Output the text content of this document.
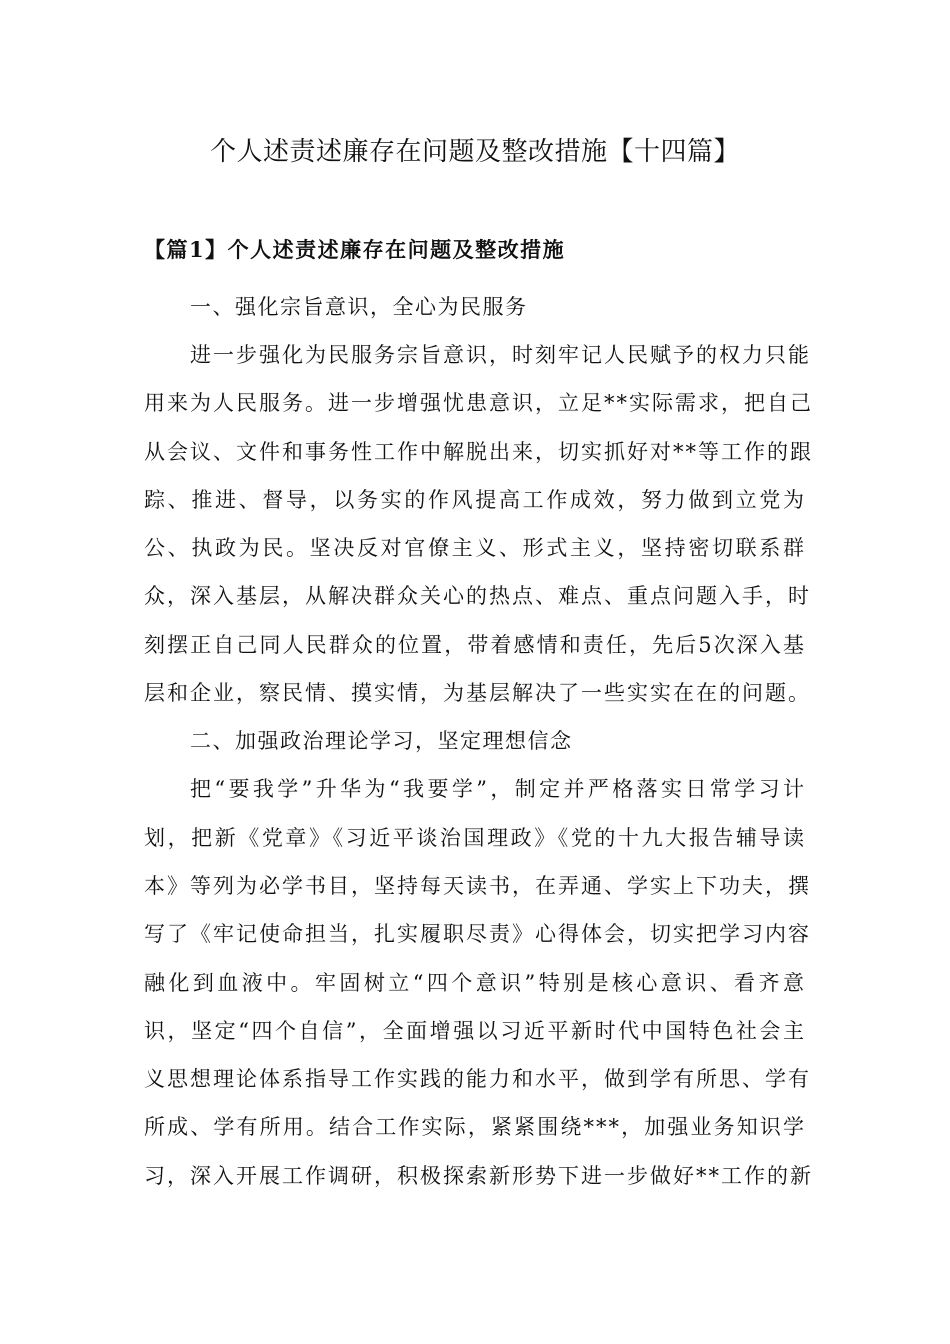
个人述责述廉存在问题及整改措施【十四篇】
【篇1】个人述责述廉存在问题及整改措施

一、强化宗旨意识，全心为民服务

进一步强化为民服务宗旨意识，时刻牢记人民赋予的权力只能
用来为人民服务。进一步增强忧患意识，立足**实际需求，把自己
从会议、文件和事务性工作中解脱出来，切实抓好对**等工作的跟
踪、推进、督导，以务实的作风提高工作成效，努力做到立党为
公、执政为民。坚决反对官僚主义、形式主义，坚持密切联系群
众，深入基层，从解决群众关心的热点、难点、重点问题入手，时
刻摆正自己同人民群众的位置，带着感情和责任，先后5次深入基
层和企业，察民情、摸实情，为基层解决了一些实实在在的问题。

二、加强政治理论学习，坚定理想信念

把“要我学”升华为“我要学”，制定并严格落实日常学习计
划，把新《党章》《习近平谈治国理政》《党的十九大报告辅导读
本》等列为必学书目，坚持每天读书，在弄通、学实上下功夫，撰
写了《牢记使命担当，扎实履职尽责》心得体会，切实把学习内容
融化到血液中。牢固树立“四个意识”特别是核心意识、看齐意
识，坚定“四个自信”，全面增强以习近平新时代中国特色社会主
义思想理论体系指导工作实践的能力和水平，做到学有所思、学有
所成、学有所用。结合工作实际，紧紧围绕***，加强业务知识学
习，深入开展工作调研，积极探索新形势下进一步做好**工作的新
